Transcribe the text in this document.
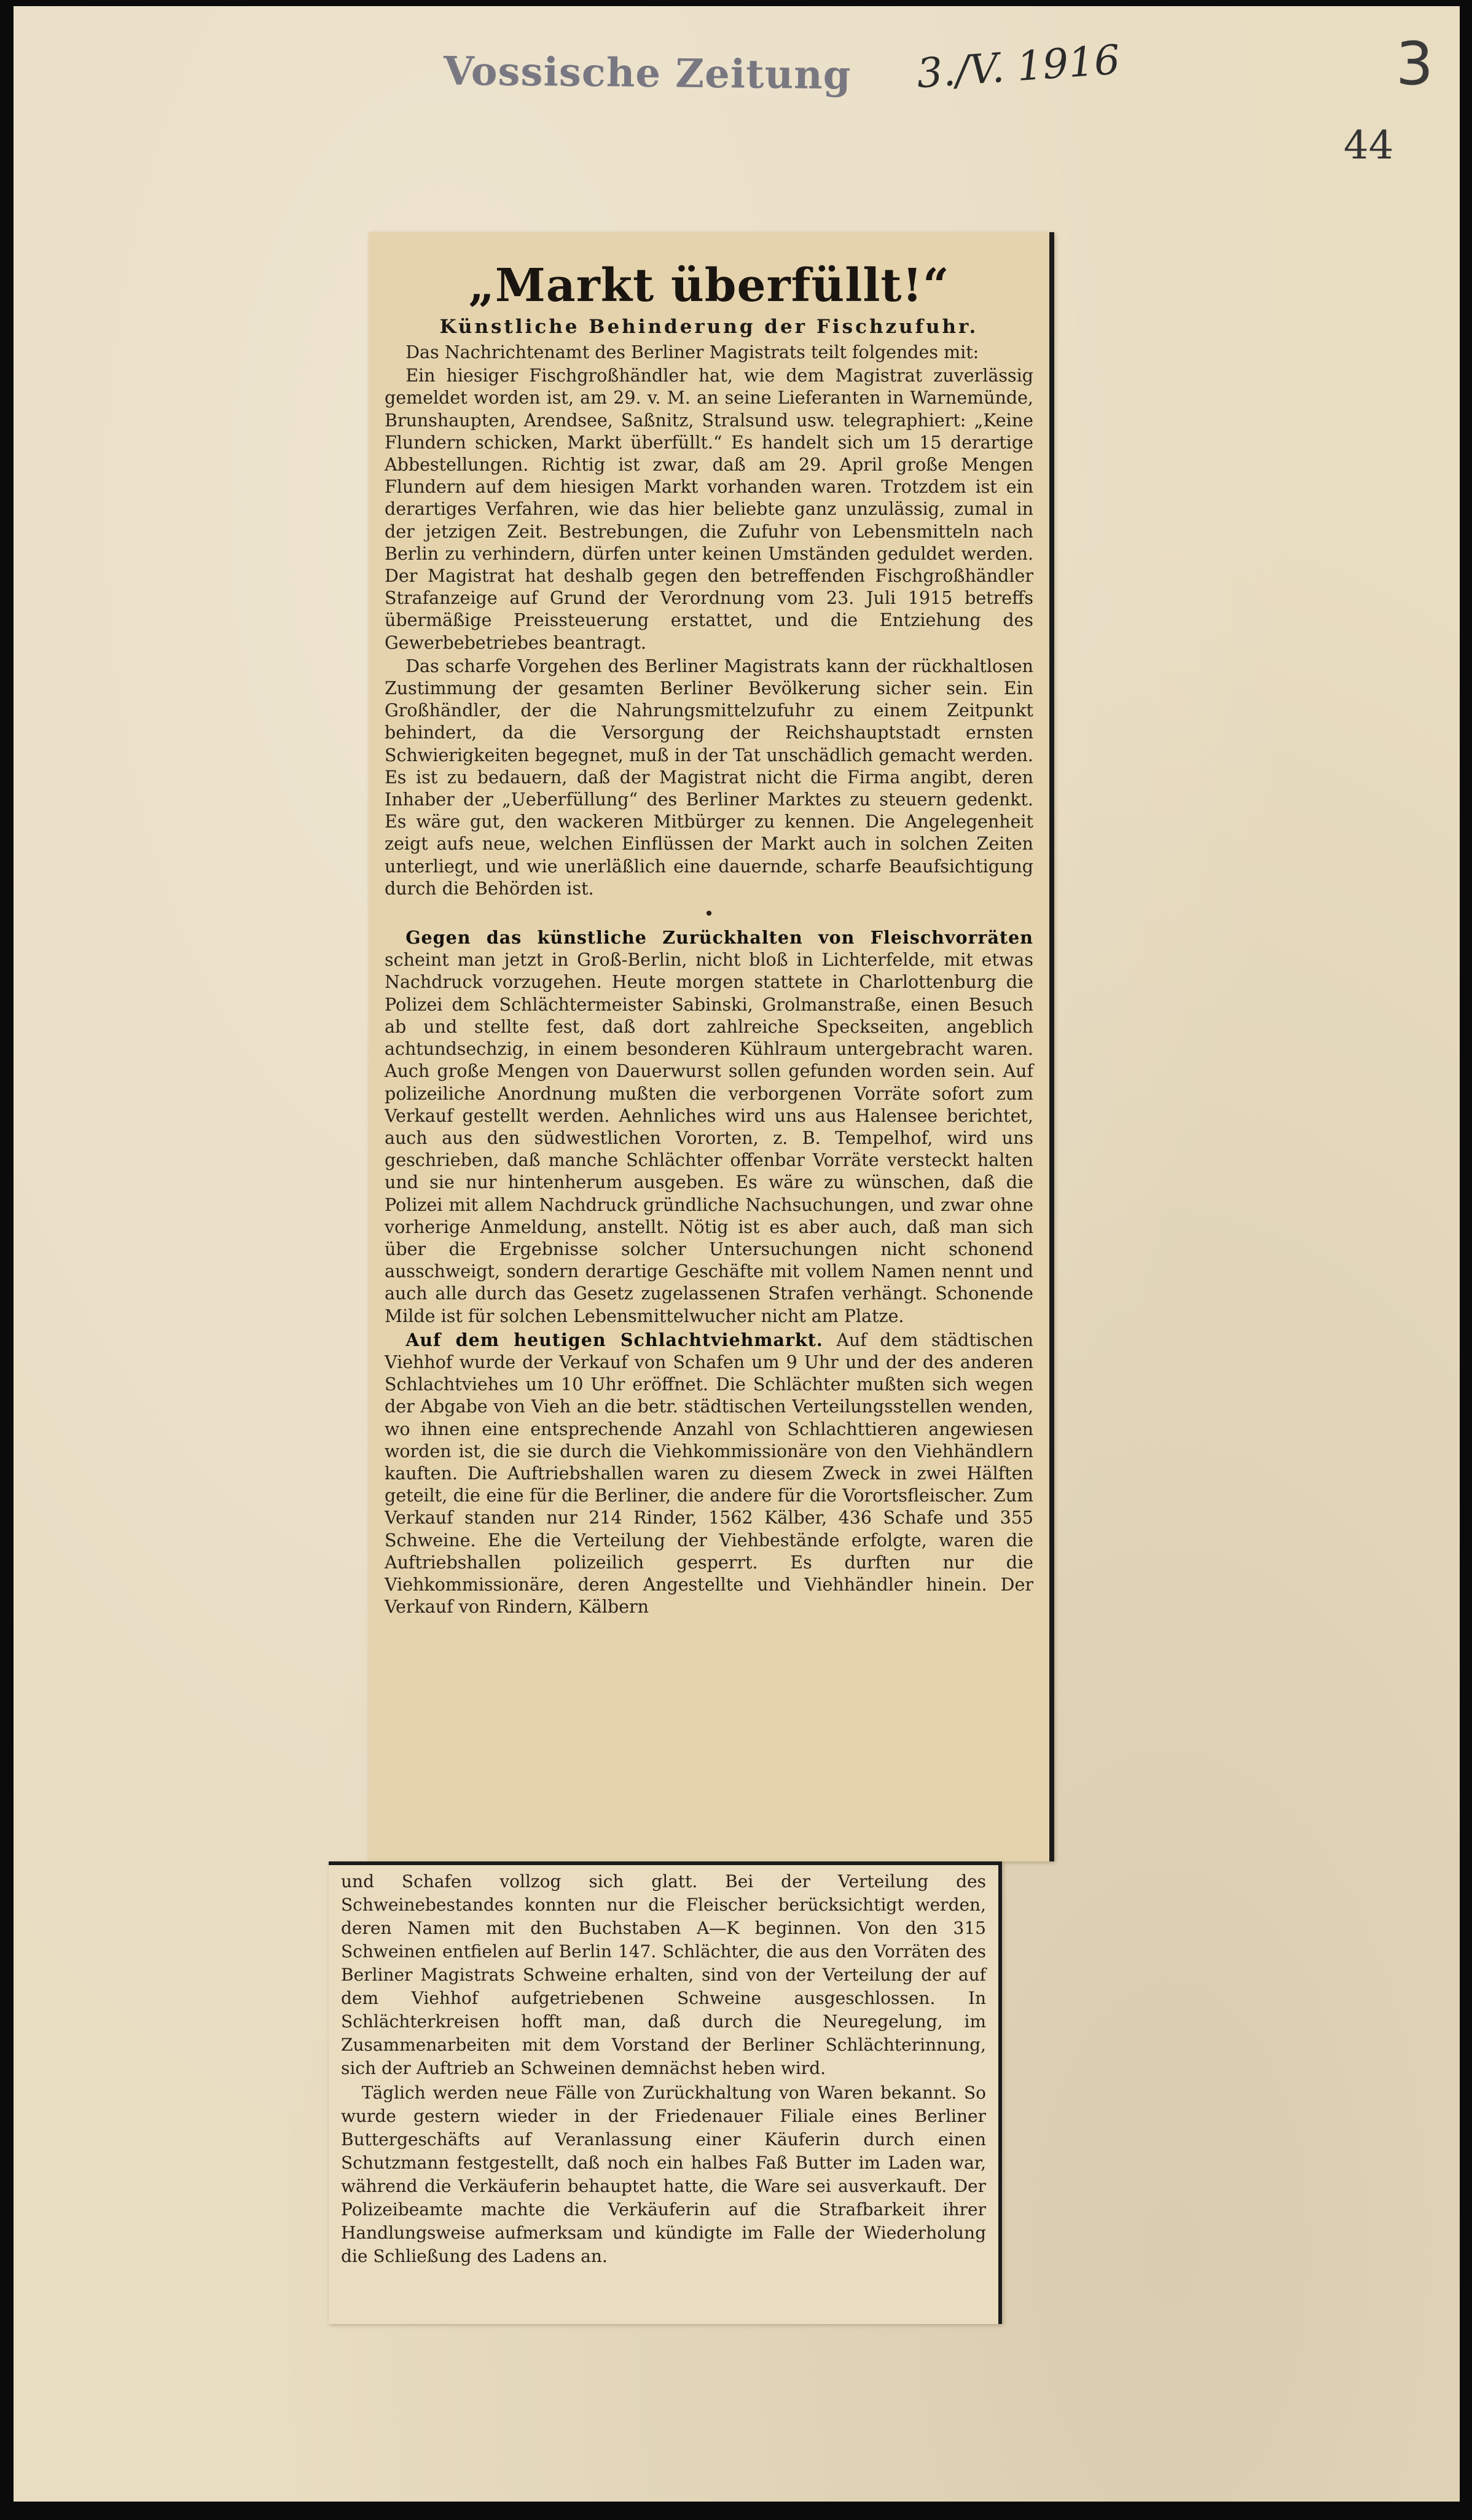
Vossische Zeitung 3./V. 1916	3
44
„Markt überfüllt!“
Künstliche Behinderung der Fischzufuhr.

Das Nachrichtenamt des Berliner Magistrats teilt folgendes mit:

Ein hiesiger Fischgroßhändler hat, wie dem Magistrat zuverlässig gemeldet worden ist, am 29. v. M. an seine Lieferanten in Warnemünde, Brunshaupten, Arendsee, Saßnitz, Stralsund usw. telegraphiert: „Keine Flundern schicken, Markt überfüllt.“ Es handelt sich um 15 derartige Abbestellungen. Richtig ist zwar, daß am 29. April große Mengen Flundern auf dem hiesigen Markt vorhanden waren. Trotzdem ist ein derartiges Verfahren, wie das hier beliebte ganz unzulässig, zumal in der jetzigen Zeit. Bestrebungen, die Zufuhr von Lebensmitteln nach Berlin zu verhindern, dürfen unter keinen Umständen geduldet werden. Der Magistrat hat deshalb gegen den betreffenden Fischgroßhändler Strafanzeige auf Grund der Verordnung vom 23. Juli 1915 betreffs übermäßige Preissteuerung erstattet, und die Entziehung des Gewerbebetriebes beantragt.

Das scharfe Vorgehen des Berliner Magistrats kann der rückhaltlosen Zustimmung der gesamten Berliner Bevölkerung sicher sein. Ein Großhändler, der die Nahrungsmittelzufuhr zu einem Zeitpunkt behindert, da die Versorgung der Reichshauptstadt ernsten Schwierigkeiten begegnet, muß in der Tat unschädlich gemacht werden. Es ist zu bedauern, daß der Magistrat nicht die Firma angibt, deren Inhaber der „Ueberfüllung“ des Berliner Marktes zu steuern gedenkt. Es wäre gut, den wackeren Mitbürger zu kennen. Die Angelegenheit zeigt aufs neue, welchen Einflüssen der Markt auch in solchen Zeiten unterliegt, und wie unerläßlich eine dauernde, scharfe Beaufsichtigung durch die Behörden ist.

•

Gegen das künstliche Zurückhalten von Fleischvorräten scheint man jetzt in Groß-Berlin, nicht bloß in Lichterfelde, mit etwas Nachdruck vorzugehen. Heute morgen stattete in Charlottenburg die Polizei dem Schlächtermeister Sabinski, Grolmanstraße, einen Besuch ab und stellte fest, daß dort zahlreiche Speckseiten, angeblich achtundsechzig, in einem besonderen Kühlraum untergebracht waren. Auch große Mengen von Dauerwurst sollen gefunden worden sein. Auf polizeiliche Anordnung mußten die verborgenen Vorräte sofort zum Verkauf gestellt werden. Aehnliches wird uns aus Halensee berichtet, auch aus den südwestlichen Vororten, z. B. Tempelhof, wird uns geschrieben, daß manche Schlächter offenbar Vorräte versteckt halten und sie nur hintenherum ausgeben. Es wäre zu wünschen, daß die Polizei mit allem Nachdruck gründliche Nachsuchungen, und zwar ohne vorherige Anmeldung, anstellt. Nötig ist es aber auch, daß man sich über die Ergebnisse solcher Untersuchungen nicht schonend ausschweigt, sondern derartige Geschäfte mit vollem Namen nennt und auch alle durch das Gesetz zugelassenen Strafen verhängt. Schonende Milde ist für solchen Lebensmittelwucher nicht am Platze.

Auf dem heutigen Schlachtviehmarkt. Auf dem städtischen Viehhof wurde der Verkauf von Schafen um 9 Uhr und der des anderen Schlachtviehes um 10 Uhr eröffnet. Die Schlächter mußten sich wegen der Abgabe von Vieh an die betr. städtischen Verteilungsstellen wenden, wo ihnen eine entsprechende Anzahl von Schlachttieren angewiesen worden ist, die sie durch die Viehkommissionäre von den Viehhändlern kauften. Die Auftriebshallen waren zu diesem Zweck in zwei Hälften geteilt, die eine für die Berliner, die andere für die Vorortsfleischer. Zum Verkauf standen nur 214 Rinder, 1562 Kälber, 436 Schafe und 355 Schweine. Ehe die Verteilung der Viehbestände erfolgte, waren die Auftriebshallen polizeilich gesperrt. Es durften nur die Viehkommissionäre, deren Angestellte und Viehhändler hinein. Der Verkauf von Rindern, Kälbern

und Schafen vollzog sich glatt. Bei der Verteilung des Schweinebestandes konnten nur die Fleischer berücksichtigt werden, deren Namen mit den Buchstaben A—K beginnen. Von den 315 Schweinen entfielen auf Berlin 147. Schlächter, die aus den Vorräten des Berliner Magistrats Schweine erhalten, sind von der Verteilung der auf dem Viehhof aufgetriebenen Schweine ausgeschlossen. In Schlächterkreisen hofft man, daß durch die Neuregelung, im Zusammenarbeiten mit dem Vorstand der Berliner Schlächterinnung, sich der Auftrieb an Schweinen demnächst heben wird.

Täglich werden neue Fälle von Zurückhaltung von Waren bekannt. So wurde gestern wieder in der Friedenauer Filiale eines Berliner Buttergeschäfts auf Veranlassung einer Käuferin durch einen Schutzmann festgestellt, daß noch ein halbes Faß Butter im Laden war, während die Verkäuferin behauptet hatte, die Ware sei ausverkauft. Der Polizeibeamte machte die Verkäuferin auf die Strafbarkeit ihrer Handlungsweise aufmerksam und kündigte im Falle der Wiederholung die Schließung des Ladens an.
